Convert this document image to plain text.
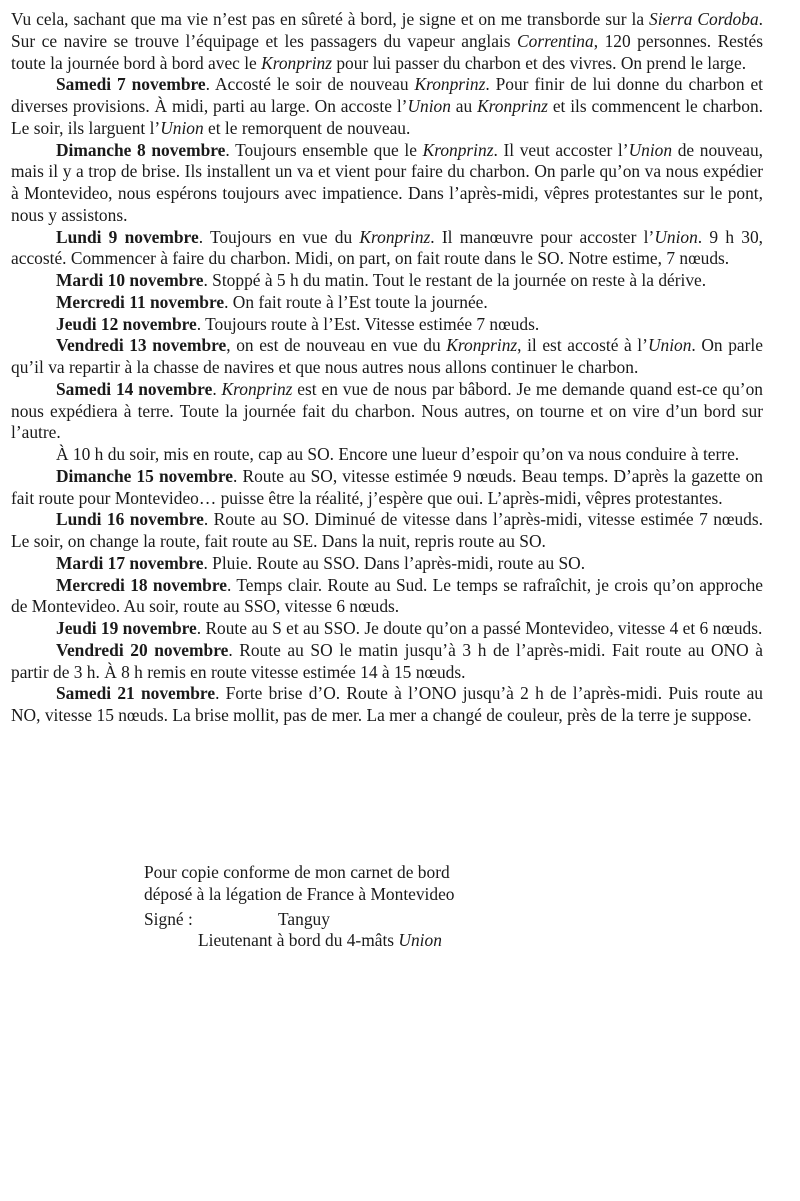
Vu cela, sachant que ma vie n’est pas en sûreté à bord, je signe et on me transborde sur la Sierra Cordoba. Sur ce navire se trouve l’équipage et les passagers du vapeur anglais Correntina, 120 personnes. Restés toute la journée bord à bord avec le Kronprinz pour lui passer du charbon et des vivres. On prend le large.

Samedi 7 novembre. Accosté le soir de nouveau Kronprinz. Pour finir de lui donne du charbon et diverses provisions. À midi, parti au large. On accoste l’Union au Kronprinz et ils commencent le charbon. Le soir, ils larguent l’Union et le remorquent de nouveau.

Dimanche 8 novembre. Toujours ensemble que le Kronprinz. Il veut accoster l’Union de nouveau, mais il y a trop de brise. Ils installent un va et vient pour faire du charbon. On parle qu’on va nous expédier à Montevideo, nous espérons toujours avec impatience. Dans l’après-midi, vêpres protestantes sur le pont, nous y assistons.

Lundi 9 novembre. Toujours en vue du Kronprinz. Il manœuvre pour accoster l’Union. 9 h 30, accosté. Commencer à faire du charbon. Midi, on part, on fait route dans le SO. Notre estime, 7 nœuds.

Mardi 10 novembre. Stoppé à 5 h du matin. Tout le restant de la journée on reste à la dérive.

Mercredi 11 novembre. On fait route à l’Est toute la journée.

Jeudi 12 novembre. Toujours route à l’Est. Vitesse estimée 7 nœuds.

Vendredi 13 novembre, on est de nouveau en vue du Kronprinz, il est accosté à l’Union. On parle qu’il va repartir à la chasse de navires et que nous autres nous allons continuer le charbon.

Samedi 14 novembre. Kronprinz est en vue de nous par bâbord. Je me demande quand est-ce qu’on nous expédiera à terre. Toute la journée fait du charbon. Nous autres, on tourne et on vire d’un bord sur l’autre.

À 10 h du soir, mis en route, cap au SO. Encore une lueur d’espoir qu’on va nous conduire à terre.

Dimanche 15 novembre. Route au SO, vitesse estimée 9 nœuds. Beau temps. D’après la gazette on fait route pour Montevideo… puisse être la réalité, j’espère que oui. L’après-midi, vêpres protestantes.

Lundi 16 novembre. Route au SO. Diminué de vitesse dans l’après-midi, vitesse estimée 7 nœuds. Le soir, on change la route, fait route au SE. Dans la nuit, repris route au SO.

Mardi 17 novembre. Pluie. Route au SSO. Dans l’après-midi, route au SO.

Mercredi 18 novembre. Temps clair. Route au Sud. Le temps se rafraîchit, je crois qu’on approche de Montevideo. Au soir, route au SSO, vitesse 6 nœuds.

Jeudi 19 novembre. Route au S et au SSO. Je doute qu’on a passé Montevideo, vitesse 4 et 6 nœuds.

Vendredi 20 novembre. Route au SO le matin jusqu’à 3 h de l’après-midi. Fait route au ONO à partir de 3 h. À 8 h remis en route vitesse estimée 14 à 15 nœuds.

Samedi 21 novembre. Forte brise d’O. Route à l’ONO jusqu’à 2 h de l’après-midi. Puis route au NO, vitesse 15 nœuds. La brise mollit, pas de mer. La mer a changé de couleur, près de la terre je suppose.

Pour copie conforme de mon carnet de bord
déposé à la légation de France à Montevideo
Signé :	Tanguy
Lieutenant à bord du 4-mâts Union
